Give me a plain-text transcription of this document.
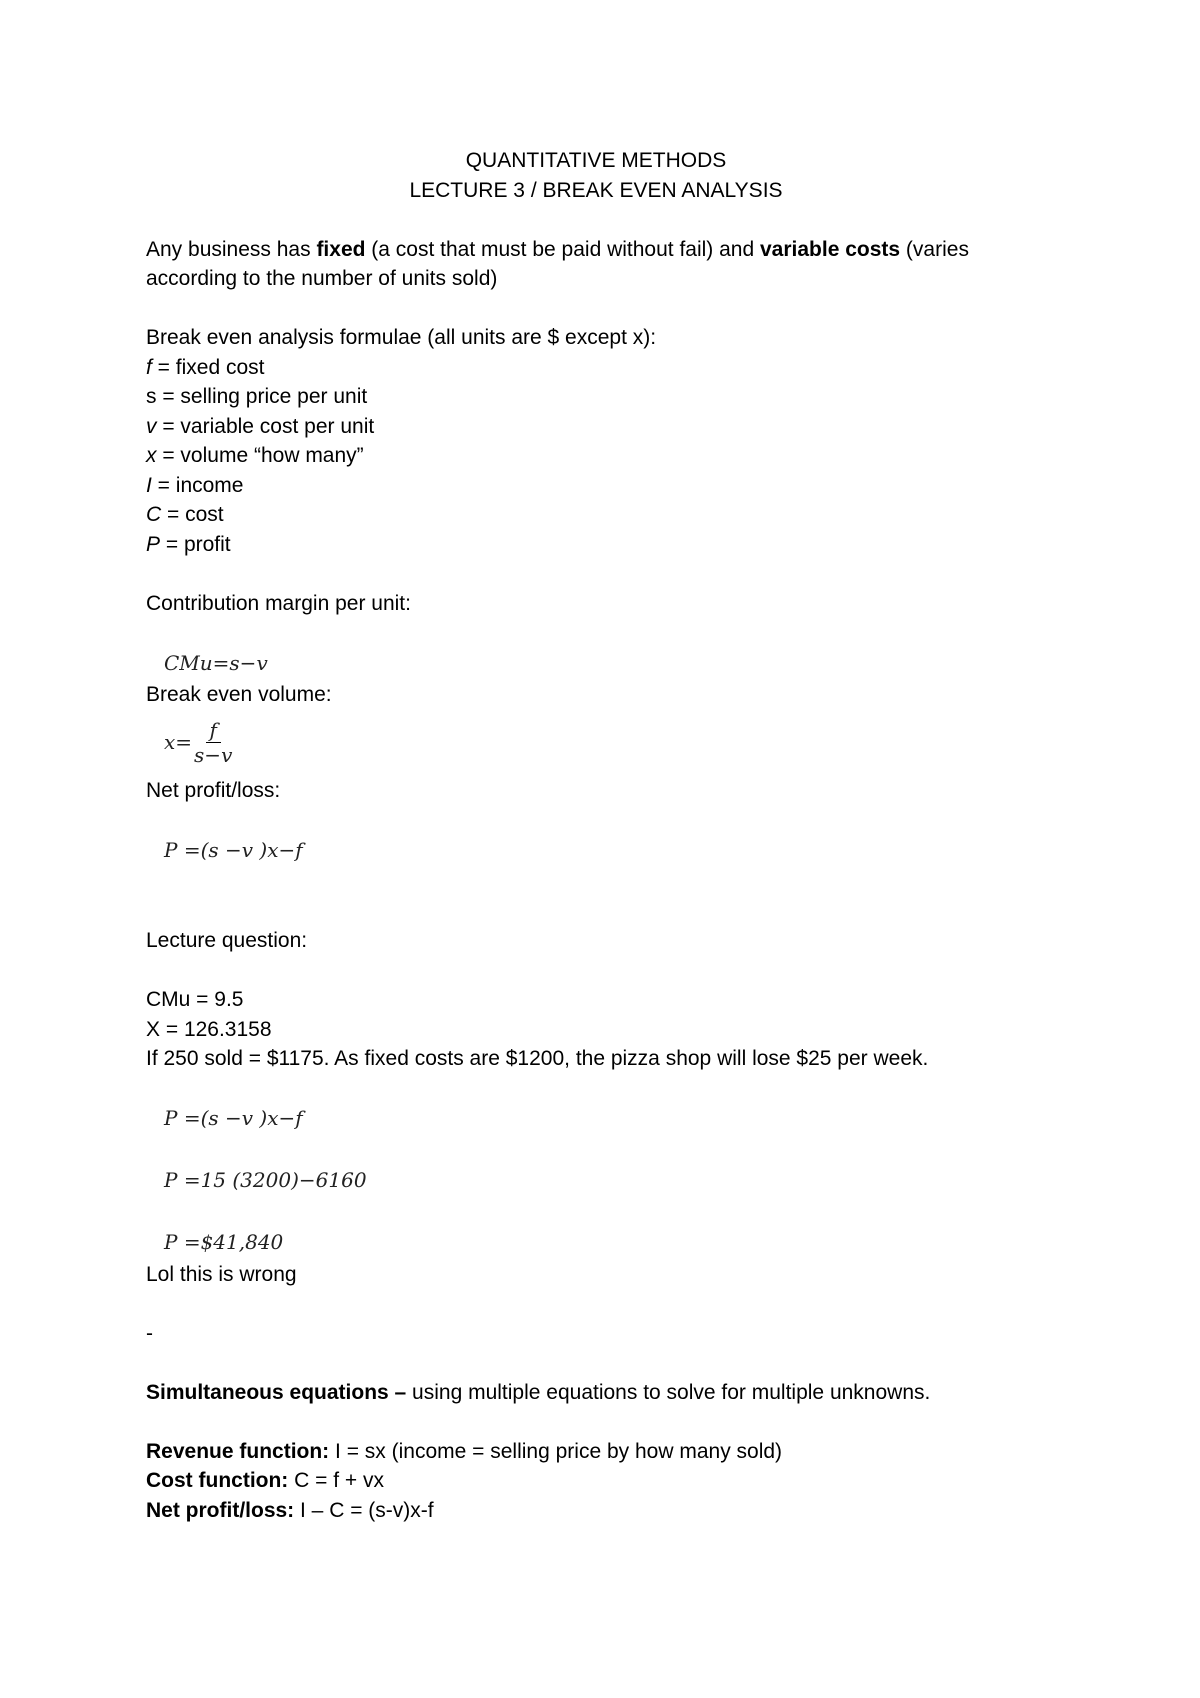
QUANTITATIVE METHODS
LECTURE 3 / BREAK EVEN ANALYSIS
Any business has fixed (a cost that must be paid without fail) and variable costs (varies according to the number of units sold)
Break even analysis formulae (all units are $ except x):
f = fixed cost
s = selling price per unit
v = variable cost per unit
x = volume “how many”
I = income
C = cost
P = profit
Contribution margin per unit:
CMu=s−v
Break even volume:
$x= \frac{f}{s-v}$
Net profit/loss:
P =(s −v )x−f
Lecture question:
CMu = 9.5
X = 126.3158
If 250 sold = $1175. As fixed costs are $1200, the pizza shop will lose $25 per week.
P =(s −v )x−f
P =15 (3200)−6160
P =$41,840
Lol this is wrong
-
Simultaneous equations – using multiple equations to solve for multiple unknowns.
Revenue function: I = sx (income = selling price by how many sold)
Cost function: C = f + vx
Net profit/loss: I – C = (s-v)x-f
